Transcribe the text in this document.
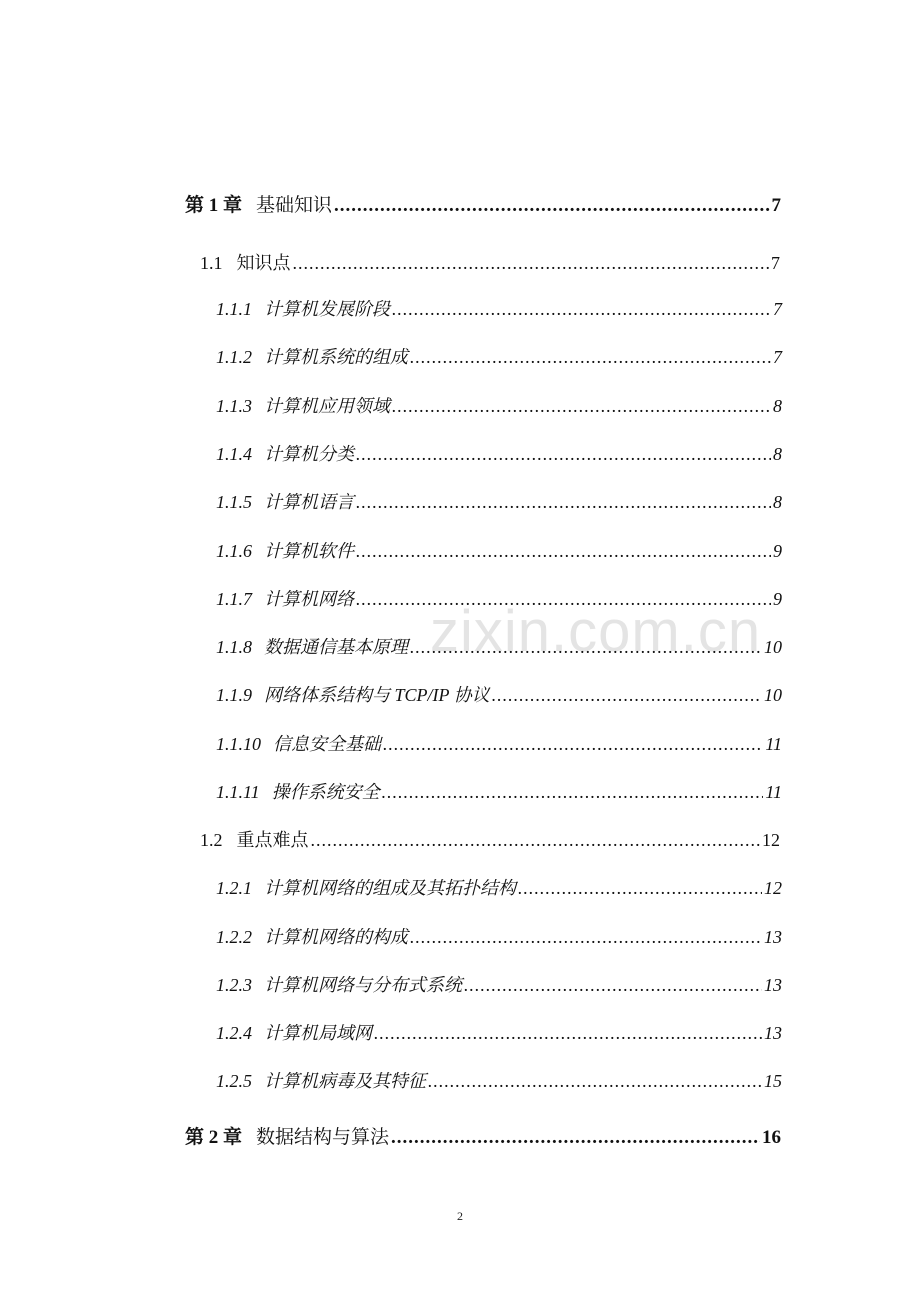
zixin.com.cn
第 1 章 基础知识 .....	7
1.1 知识点 .....	7
1.1.1 计算机发展阶段 .....	7
1.1.2 计算机系统的组成 .....	7
1.1.3 计算机应用领域 .....	8
1.1.4 计算机分类 .....	8
1.1.5 计算机语言 .....	8
1.1.6 计算机软件 .....	9
1.1.7 计算机网络 .....	9
1.1.8 数据通信基本原理 .....	10
1.1.9 网络体系结构与 TCP/IP 协议 .....	10
1.1.10 信息安全基础 .....	11
1.1.11 操作系统安全 .....	11
1.2 重点难点 .....	12
1.2.1 计算机网络的组成及其拓扑结构 .....	12
1.2.2 计算机网络的构成 .....	13
1.2.3 计算机网络与分布式系统 .....	13
1.2.4 计算机局域网 .....	13
1.2.5 计算机病毒及其特征 .....	15
第 2 章 数据结构与算法 .....	16
2
